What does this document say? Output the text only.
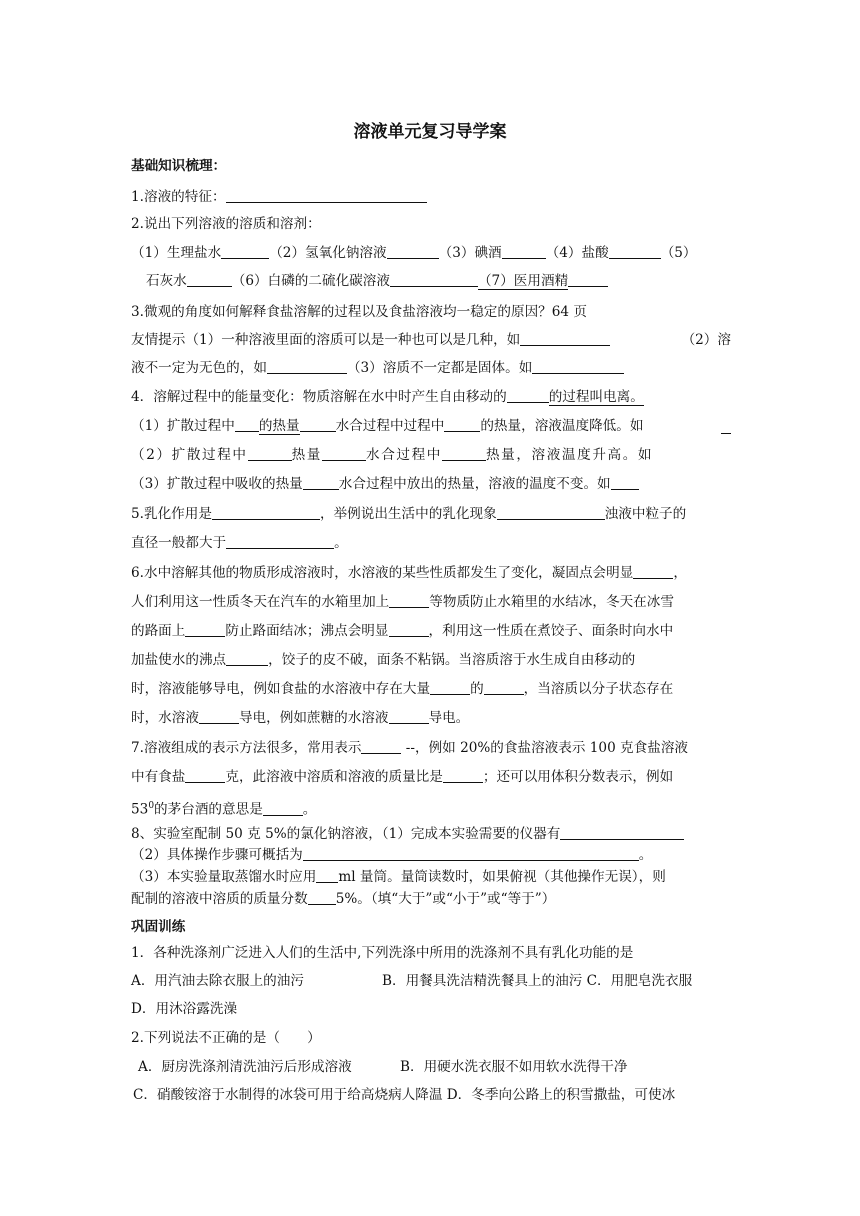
溶液单元复习导学案
基础知识梳理：
1.溶液的特征：
2.说出下列溶液的溶质和溶剂：
（1）生理盐水	（2）氢氧化钠溶液	（3）碘酒	（4）盐酸	（5）
石灰水	（6）白磷的二硫化碳溶液	（7）医用酒精
3.微观的角度如何解释食盐溶解的过程以及食盐溶液均一稳定的原因？64 页
友情提示（1）一种溶液里面的溶质可以是一种也可以是几种，如	（2）溶
液不一定为无色的，如	（3）溶质不一定都是固体。如
4．溶解过程中的能量变化：物质溶解在水中时产生自由移动的	的过程叫电离。
（1）扩散过程中 的热量	水合过程中过程中	的热量，溶液温度降低。如
（2）扩散过程中	热量	水合过程中	热量，溶液温度升高。如
（3）扩散过程中吸收的热量	水合过程中放出的热量，溶液的温度不变。如
5.乳化作用是	，举例说出生活中的乳化现象	浊液中粒子的
直径一般都大于	。
6.水中溶解其他的物质形成溶液时，水溶液的某些性质都发生了变化，凝固点会明显	，
人们利用这一性质冬天在汽车的水箱里加上	等物质防止水箱里的水结冰，冬天在冰雪
的路面上	防止路面结冰；沸点会明显	，利用这一性质在煮饺子、面条时向水中
加盐使水的沸点	，饺子的皮不破，面条不粘锅。当溶质溶于水生成自由移动的
时，溶液能够导电，例如食盐的水溶液中存在大量	的	，当溶质以分子状态存在
时，水溶液	导电，例如蔗糖的水溶液	导电。
7.溶液组成的表示方法很多，常用表示	--，例如 20%的食盐溶液表示 100 克食盐溶液
中有食盐	克，此溶液中溶质和溶液的质量比是	；还可以用体积分数表示，例如
$53^0$的茅台酒的意思是	。
8、实验室配制 50 克 5%的氯化钠溶液，（1）完成本实验需要的仪器有
（2）具体操作步骤可概括为	。
（3）本实验量取蒸馏水时应用 ml 量筒。量筒读数时，如果俯视（其他操作无误），则
配制的溶液中溶质的质量分数 5%。（填“大于”或“小于”或“等于”）
巩固训练
1．各种洗涤剂广泛进入人们的生活中,下列洗涤中所用的洗涤剂不具有乳化功能的是
A．用汽油去除衣服上的油污	B．用餐具洗洁精洗餐具上的油污 C．用肥皂洗衣服
D．用沐浴露洗澡
2.下列说法不正确的是（　　）
A．厨房洗涤剂清洗油污后形成溶液	B．用硬水洗衣服不如用软水洗得干净
C．硝酸铵溶于水制得的冰袋可用于给高烧病人降温 D．冬季向公路上的积雪撒盐，可使冰
